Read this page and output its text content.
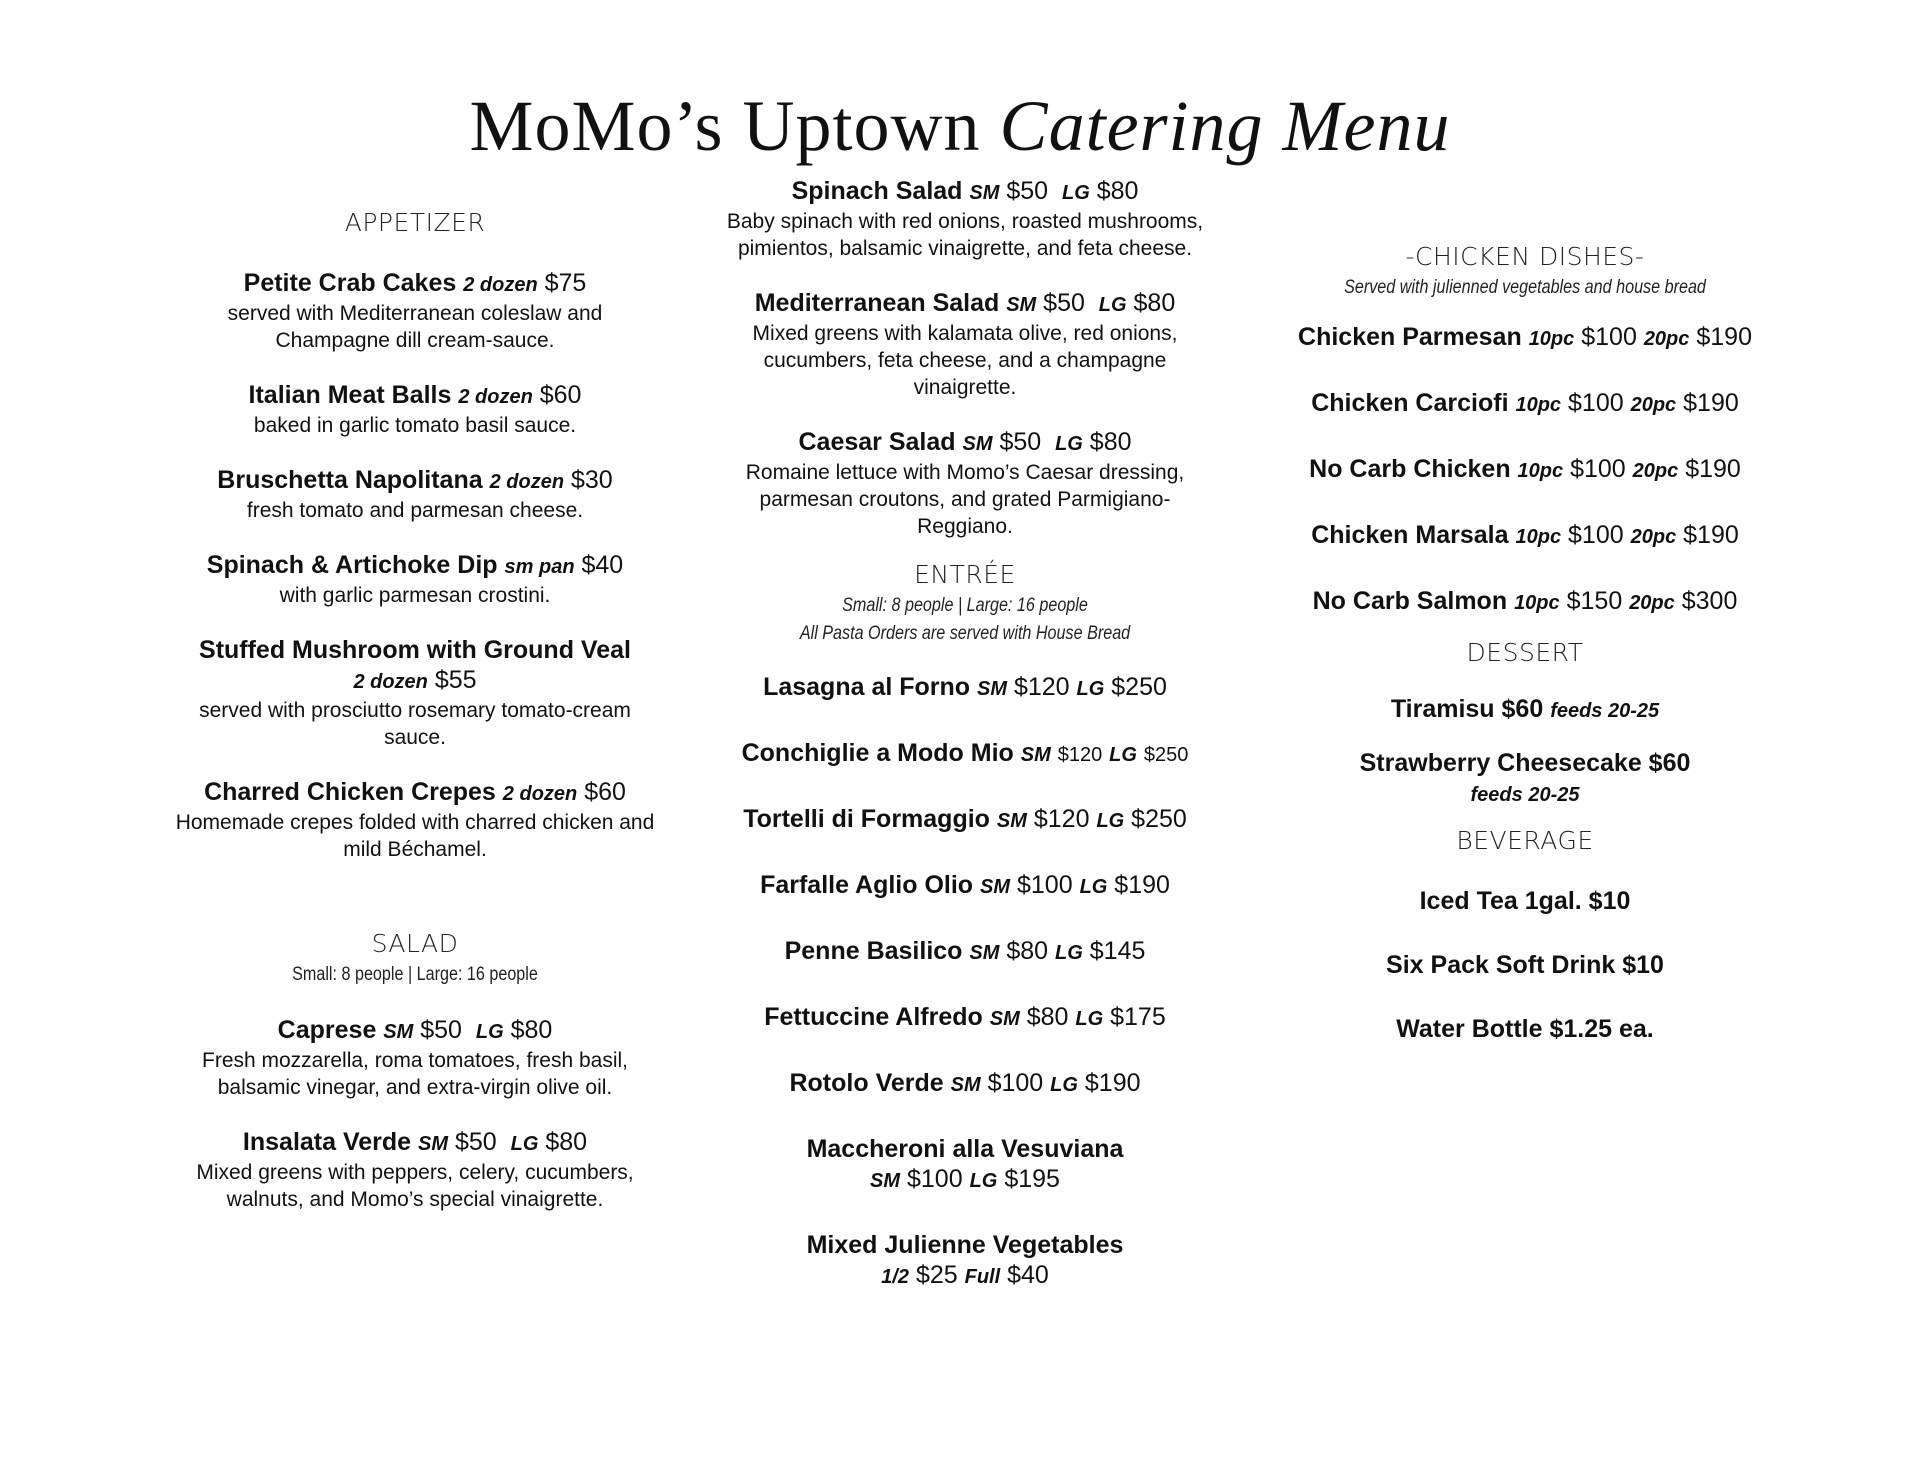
MoMo’s Uptown Catering Menu
APPETIZER
Petite Crab Cakes 2 dozen $75
served with Mediterranean coleslaw and Champagne dill cream-sauce.
Italian Meat Balls 2 dozen $60
baked in garlic tomato basil sauce.
Bruschetta Napolitana 2 dozen $30
fresh tomato and parmesan cheese.
Spinach & Artichoke Dip sm pan $40
with garlic parmesan crostini.
Stuffed Mushroom with Ground Veal
2 dozen $55
served with prosciutto rosemary tomato-cream sauce.
Charred Chicken Crepes 2 dozen $60
Homemade crepes folded with charred chicken and mild Béchamel.
SALAD
Small: 8 people | Large: 16 people
Caprese SM $50 LG $80
Fresh mozzarella, roma tomatoes, fresh basil, balsamic vinegar, and extra-virgin olive oil.
Insalata Verde SM $50 LG $80
Mixed greens with peppers, celery, cucumbers, walnuts, and Momo’s special vinaigrette.
Spinach Salad SM $50 LG $80
Baby spinach with red onions, roasted mushrooms, pimientos, balsamic vinaigrette, and feta cheese.
Mediterranean Salad SM $50 LG $80
Mixed greens with kalamata olive, red onions, cucumbers, feta cheese, and a champagne vinaigrette.
Caesar Salad SM $50 LG $80
Romaine lettuce with Momo’s Caesar dressing, parmesan croutons, and grated Parmigiano-Reggiano.
ENTRÉE
Small: 8 people | Large: 16 people
All Pasta Orders are served with House Bread
Lasagna al Forno SM $120 LG $250
Conchiglie a Modo Mio SM $120 LG $250
Tortelli di Formaggio SM $120 LG $250
Farfalle Aglio Olio SM $100 LG $190
Penne Basilico SM $80 LG $145
Fettuccine Alfredo SM $80 LG $175
Rotolo Verde SM $100 LG $190
Maccheroni alla Vesuviana
SM $100 LG $195
Mixed Julienne Vegetables
1/2 $25 Full $40
-CHICKEN DISHES-
Served with julienned vegetables and house bread
Chicken Parmesan 10pc $100 20pc $190
Chicken Carciofi 10pc $100 20pc $190
No Carb Chicken 10pc $100 20pc $190
Chicken Marsala 10pc $100 20pc $190
No Carb Salmon 10pc $150 20pc $300
DESSERT
Tiramisu $60 feeds 20-25
Strawberry Cheesecake $60
feeds 20-25
BEVERAGE
Iced Tea 1gal. $10
Six Pack Soft Drink $10
Water Bottle $1.25 ea.
